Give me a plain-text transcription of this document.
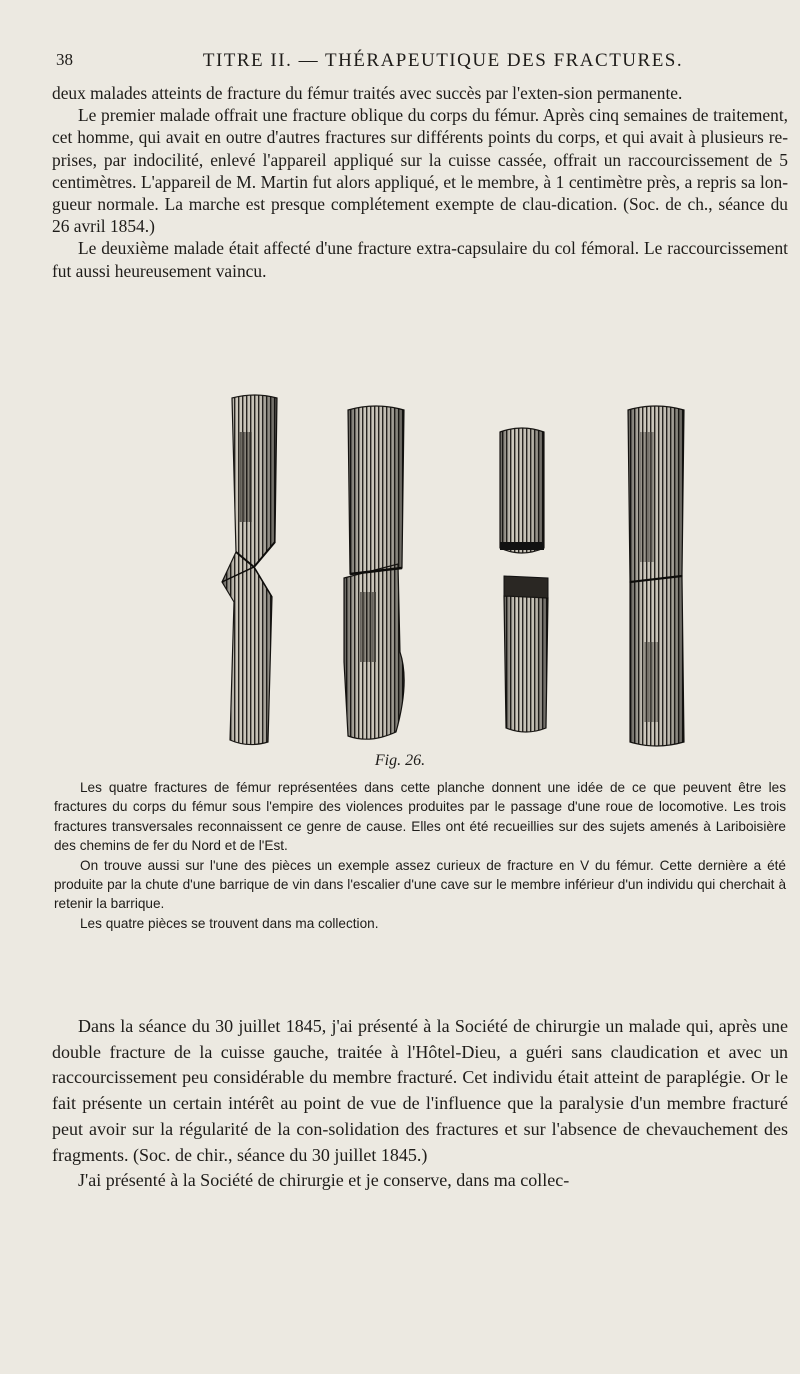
38	TITRE II. — THÉRAPEUTIQUE DES FRACTURES.

deux malades atteints de fracture du fémur traités avec succès par l'exten-sion permanente.

Le premier malade offrait une fracture oblique du corps du fémur. Après cinq semaines de traitement, cet homme, qui avait en outre d'autres fractures sur différents points du corps, et qui avait à plusieurs re-prises, par indocilité, enlevé l'appareil appliqué sur la cuisse cassée, offrait un raccourcissement de 5 centimètres. L'appareil de M. Martin fut alors appliqué, et le membre, à 1 centimètre près, a repris sa lon-gueur normale. La marche est presque complétement exempte de clau-dication. (Soc. de ch., séance du 26 avril 1854.)

Le deuxième malade était affecté d'une fracture extra-capsulaire du col fémoral. Le raccourcissement fut aussi heureusement vaincu.

Fig. 26.

Les quatre fractures de fémur représentées dans cette planche donnent une idée de ce que peuvent être les fractures du corps du fémur sous l'empire des violences produites par le passage d'une roue de locomotive. Les trois fractures transversales reconnaissent ce genre de cause. Elles ont été recueillies sur des sujets amenés à Lariboisière des chemins de fer du Nord et de l'Est.

On trouve aussi sur l'une des pièces un exemple assez curieux de fracture en V du fémur. Cette dernière a été produite par la chute d'une barrique de vin dans l'escalier d'une cave sur le membre inférieur d'un individu qui cherchait à retenir la barrique.

Les quatre pièces se trouvent dans ma collection.

Dans la séance du 30 juillet 1845, j'ai présenté à la Société de chirurgie un malade qui, après une double fracture de la cuisse gauche, traitée à l'Hôtel-Dieu, a guéri sans claudication et avec un raccourcissement peu considérable du membre fracturé. Cet individu était atteint de paraplégie. Or le fait présente un certain intérêt au point de vue de l'influence que la paralysie d'un membre fracturé peut avoir sur la régularité de la con-solidation des fractures et sur l'absence de chevauchement des fragments. (Soc. de chir., séance du 30 juillet 1845.)

J'ai présenté à la Société de chirurgie et je conserve, dans ma collec-
